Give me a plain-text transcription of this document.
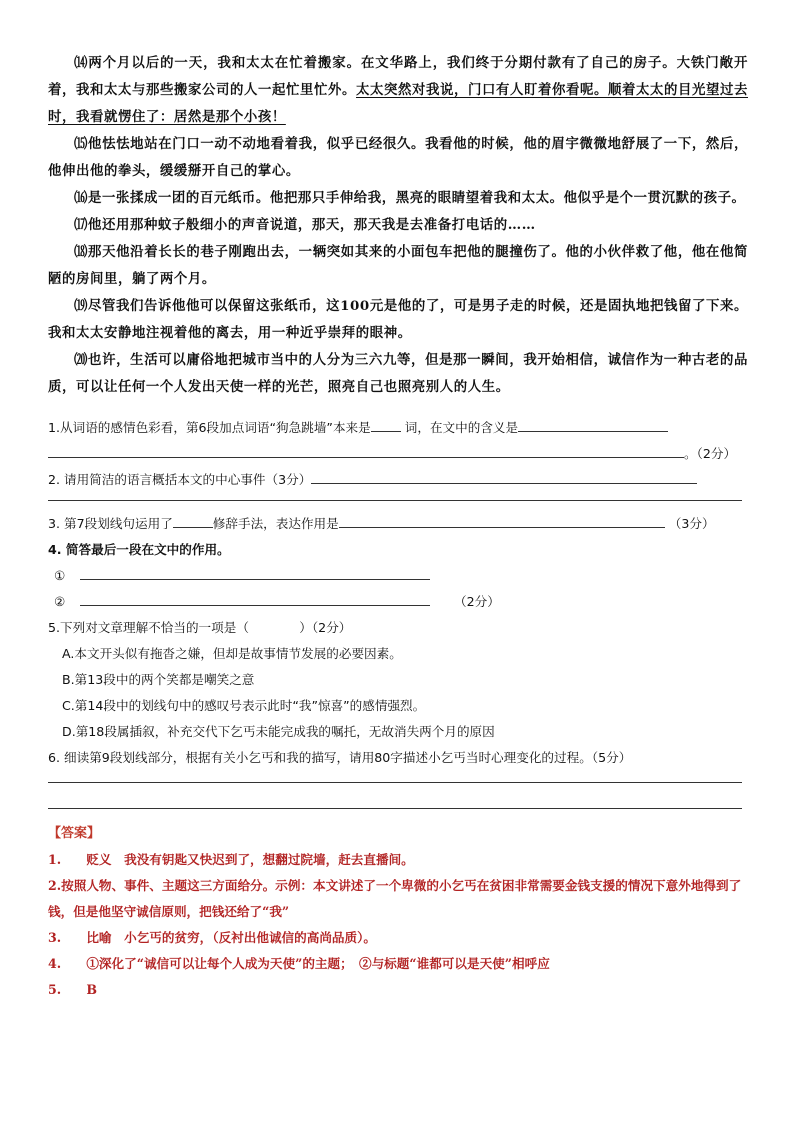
⒁两个月以后的一天，我和太太在忙着搬家。在文华路上，我们终于分期付款有了自己的房子。大铁门敞开着，我和太太与那些搬家公司的人一起忙里忙外。太太突然对我说，门口有人盯着你看呢。顺着太太的目光望过去时，我看就愣住了：居然是那个小孩！

⒂他怯怯地站在门口一动不动地看着我，似乎已经很久。我看他的时候，他的眉宇微微地舒展了一下，然后，他伸出他的拳头，缓缓掰开自己的掌心。

⒃是一张揉成一团的百元纸币。他把那只手伸给我，黑亮的眼睛望着我和太太。他似乎是个一贯沉默的孩子。

⒄他还用那种蚊子般细小的声音说道，那天，那天我是去准备打电话的……

⒅那天他沿着长长的巷子刚跑出去，一辆突如其来的小面包车把他的腿撞伤了。他的小伙伴救了他，他在他简陋的房间里，躺了两个月。

⒆尽管我们告诉他他可以保留这张纸币，这100元是他的了，可是男子走的时候，还是固执地把钱留了下来。我和太太安静地注视着他的离去，用一种近乎崇拜的眼神。

⒇也许，生活可以庸俗地把城市当中的人分为三六九等，但是那一瞬间，我开始相信，诚信作为一种古老的品质，可以让任何一个人发出天使一样的光芒，照亮自己也照亮别人的人生。

1.从词语的感情色彩看，第6段加点词语“狗急跳墙”本来是	词，在文中的含义是

。（2分）

2. 请用简洁的语言概括本文的中心事件（3分）

3. 第7段划线句运用了	修辞手法，表达作用是	（3分）

4. 简答最后一段在文中的作用。

①

②	（2分）

5.下列对文章理解不恰当的一项是（　　　　）（2分）

A.本文开头似有拖沓之嫌，但却是故事情节发展的必要因素。

B.第13段中的两个笑都是嘲笑之意

C.第14段中的划线句中的感叹号表示此时“我”惊喜”的感情强烈。

D.第18段属插叙，补充交代下乞丐未能完成我的嘱托，无故消失两个月的原因

6. 细读第9段划线部分，根据有关小乞丐和我的描写，请用80字描述小乞丐当时心理变化的过程。（5分）

【答案】

1.　　贬义　我没有钥匙又快迟到了，想翻过院墙，赶去直播间。

2.按照人物、事件、主题这三方面给分。示例：本文讲述了一个卑微的小乞丐在贫困非常需要金钱支援的情况下意外地得到了钱，但是他坚守诚信原则，把钱还给了“我”

3.　　比喻　小乞丐的贫穷，（反衬出他诚信的高尚品质）。

4.　　①深化了“诚信可以让每个人成为天使”的主题；　②与标题“谁都可以是天使”相呼应

5.　　B
